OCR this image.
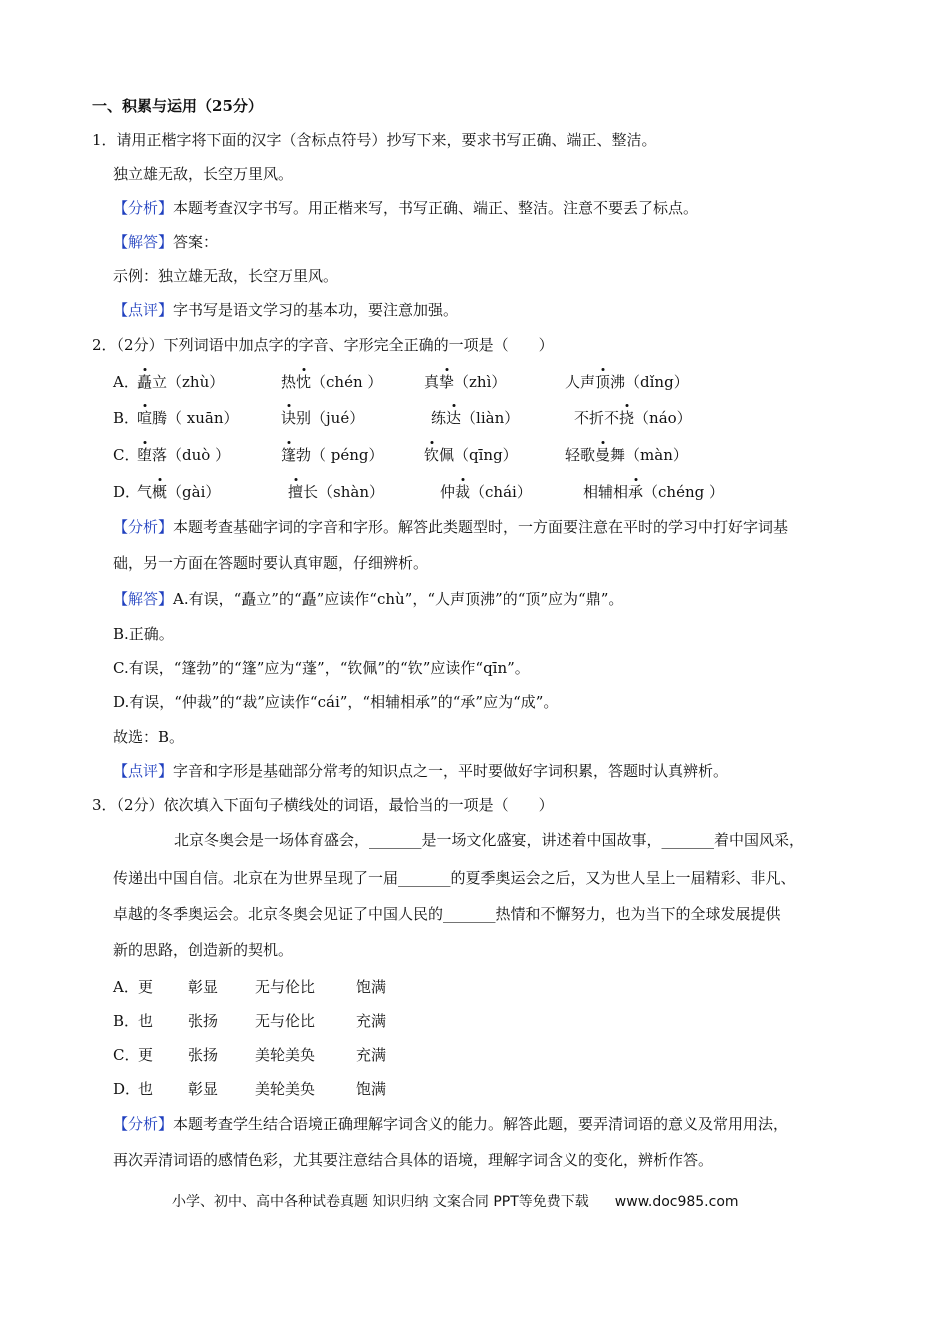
一、积累与运用（25分）
1．请用正楷字将下面的汉字（含标点符号）抄写下来，要求书写正确、端正、整洁。
独立雄无敌，长空万里风。
【分析】本题考查汉字书写。用正楷来写，书写正确、端正、整洁。注意不要丢了标点。
【解答】答案：
示例：独立雄无敌，长空万里风。
【点评】字书写是语文学习的基本功，要注意加强。
2．（2分）下列词语中加点字的字音、字形完全正确的一项是（　　）
A．
矗立（zhù）	热忱（chén ）	真挚（zhì）	人声顶沸（dǐng）
B．
喧腾（ xuān）	诀别（jué）	练达（liàn）	不折不挠（náo）
C．
堕落（duò ）	篷勃（ péng）	钦佩（qīng）	轻歌曼舞（màn）
D．
气概（gài）	擅长（shàn）	仲裁（chái）	相辅相承（chéng ）
【分析】本题考查基础字词的字音和字形。解答此类题型时，一方面要注意在平时的学习中打好字词基
础，另一方面在答题时要认真审题，仔细辨析。
【解答】A.有误，“矗立”的“矗”应读作“chù”，“人声顶沸”的“顶”应为“鼎”。
B.正确。
C.有误，“篷勃”的“篷”应为“蓬”，“钦佩”的“钦”应读作“qīn”。
D.有误，“仲裁”的“裁”应读作“cái”，“相辅相承”的“承”应为“成”。
故选：B。
【点评】字音和字形是基础部分常考的知识点之一，平时要做好字词积累，答题时认真辨析。
3．（2分）依次填入下面句子横线处的词语，最恰当的一项是（　　）
北京冬奥会是一场体育盛会，_______是一场文化盛宴，讲述着中国故事，_______着中国风采，
传递出中国自信。北京在为世界呈现了一届_______的夏季奥运会之后，又为世人呈上一届精彩、非凡、
卓越的冬季奥运会。北京冬奥会见证了中国人民的_______热情和不懈努力，也为当下的全球发展提供
新的思路，创造新的契机。
A． 更 彰显 无与伦比	饱满
B．
也 张扬 无与伦比	充满
C．
更 张扬 美轮美奂	充满
D．
也 彰显 美轮美奂	饱满
【分析】本题考查学生结合语境正确理解字词含义的能力。解答此题，要弄清词语的意义及常用用法，
再次弄清词语的感情色彩，尤其要注意结合具体的语境，理解字词含义的变化，辨析作答。
小学、初中、高中各种试卷真题 知识归纳 文案合同 PPT等免费下载 www.doc985.com
